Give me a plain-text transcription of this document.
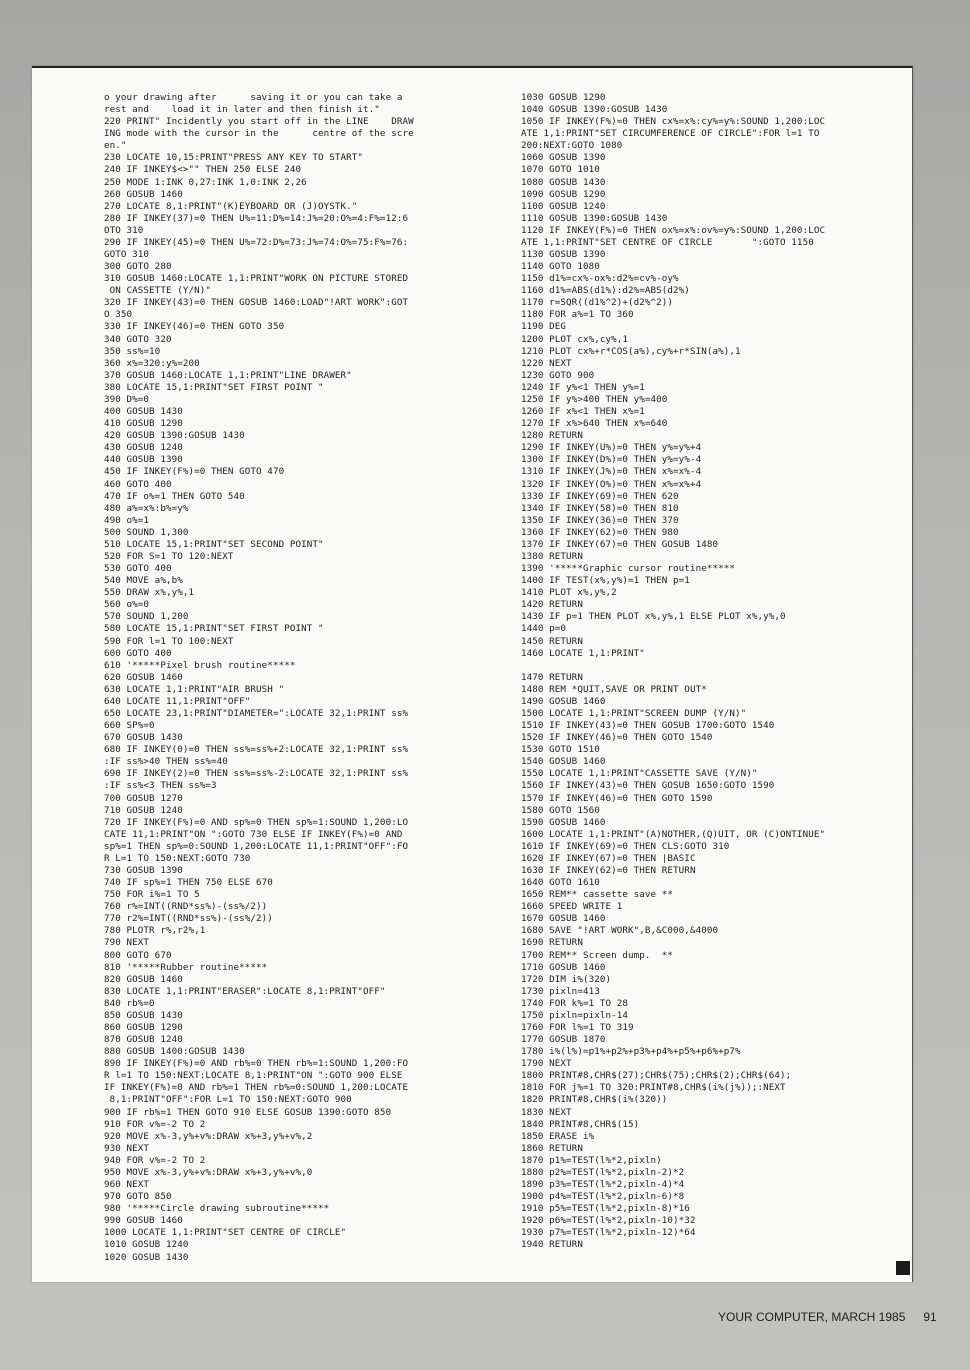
o your drawing after      saving it or you can take a
rest and    load it in later and then finish it."
220 PRINT" Incidently you start off in the LINE    DRAW
ING mode with the cursor in the      centre of the scre
en."
230 LOCATE 10,15:PRINT"PRESS ANY KEY TO START"
240 IF INKEY$<>"" THEN 250 ELSE 240
250 MODE 1:INK 0,27:INK 1,0:INK 2,26
260 GOSUB 1460
270 LOCATE 8,1:PRINT"(K)EYBOARD OR (J)OYSTK."
280 IF INKEY(37)=0 THEN U%=11:D%=14:J%=20:O%=4:F%=12:6
OTO 310
290 IF INKEY(45)=0 THEN U%=72:D%=73:J%=74:O%=75:F%=76:
GOTO 310
300 GOTO 280
310 GOSUB 1460:LOCATE 1,1:PRINT"WORK ON PICTURE STORED
ON CASSETTE (Y/N)"
320 IF INKEY(43)=0 THEN GOSUB 1460:LOAD"!ART WORK":GOT
O 350
330 IF INKEY(46)=0 THEN GOTO 350
340 GOTO 320
350 ss%=10
360 x%=320:y%=200
370 GOSUB 1460:LOCATE 1,1:PRINT"LINE DRAWER"
380 LOCATE 15,1:PRINT"SET FIRST POINT "
390 D%=0
400 GOSUB 1430
410 GOSUB 1290
420 GOSUB 1390:GOSUB 1430
430 GOSUB 1240
440 GOSUB 1390
450 IF INKEY(F%)=0 THEN GOTO 470
460 GOTO 400
470 IF o%=1 THEN GOTO 540
480 a%=x%:b%=y%
490 o%=1
500 SOUND 1,300
510 LOCATE 15,1:PRINT"SET SECOND POINT"
520 FOR S=1 TO 120:NEXT
530 GOTO 400
540 MOVE a%,b%
550 DRAW x%,y%,1
560 o%=0
570 SOUND 1,200
580 LOCATE 15,1:PRINT"SET FIRST POINT "
590 FOR l=1 TO 100:NEXT
600 GOTO 400
610 '*****Pixel brush routine*****
620 GOSUB 1460
630 LOCATE 1,1:PRINT"AIR BRUSH "
640 LOCATE 11,1:PRINT"OFF"
650 LOCATE 23,1:PRINT"DIAMETER=":LOCATE 32,1:PRINT ss%
660 SP%=0
670 GOSUB 1430
680 IF INKEY(0)=0 THEN ss%=ss%+2:LOCATE 32,1:PRINT ss%
:IF ss%>40 THEN ss%=40
690 IF INKEY(2)=0 THEN ss%=ss%-2:LOCATE 32,1:PRINT ss%
:IF ss%<3 THEN ss%=3
700 GOSUB 1270
710 GOSUB 1240
720 IF INKEY(F%)=0 AND sp%=0 THEN sp%=1:SOUND 1,200:LO
CATE 11,1:PRINT"ON ":GOTO 730 ELSE IF INKEY(F%)=0 AND
sp%=1 THEN sp%=0:SOUND 1,200:LOCATE 11,1:PRINT"OFF":FO
R L=1 TO 150:NEXT:GOTO 730
730 GOSUB 1390
740 IF sp%=1 THEN 750 ELSE 670
750 FOR i%=1 TO 5
760 r%=INT((RND*ss%)-(ss%/2))
770 r2%=INT((RND*ss%)-(ss%/2))
780 PLOTR r%,r2%,1
790 NEXT
800 GOTO 670
810 '*****Rubber routine*****
820 GOSUB 1460
830 LOCATE 1,1:PRINT"ERASER":LOCATE 8,1:PRINT"OFF"
840 rb%=0
850 GOSUB 1430
860 GOSUB 1290
870 GOSUB 1240
880 GOSUB 1400:GOSUB 1430
890 IF INKEY(F%)=0 AND rb%=0 THEN rb%=1:SOUND 1,200:FO
R l=1 TO 150:NEXT:LOCATE 8,1:PRINT"ON ":GOTO 900 ELSE
IF INKEY(F%)=0 AND rb%=1 THEN rb%=0:SOUND 1,200:LOCATE
8,1:PRINT"OFF":FOR L=1 TO 150:NEXT:GOTO 900
900 IF rb%=1 THEN GOTO 910 ELSE GOSUB 1390:GOTO 850
910 FOR v%=-2 TO 2
920 MOVE x%-3,y%+v%:DRAW x%+3,y%+v%,2
930 NEXT
940 FOR v%=-2 TO 2
950 MOVE x%-3,y%+v%:DRAW x%+3,y%+v%,0
960 NEXT
970 GOTO 850
980 '*****Circle drawing subroutine*****
990 GOSUB 1460
1000 LOCATE 1,1:PRINT"SET CENTRE OF CIRCLE"
1010 GOSUB 1240
1020 GOSUB 1430
1030 GOSUB 1290
1040 GOSUB 1390:GOSUB 1430
1050 IF INKEY(F%)=0 THEN cx%=x%:cy%=y%:SOUND 1,200:LOC
ATE 1,1:PRINT"SET CIRCUMFERENCE OF CIRCLE":FOR l=1 TO
200:NEXT:GOTO 1080
1060 GOSUB 1390
1070 GOTO 1010
1080 GOSUB 1430
1090 GOSUB 1290
1100 GOSUB 1240
1110 GOSUB 1390:GOSUB 1430
1120 IF INKEY(F%)=0 THEN ox%=x%:ov%=y%:SOUND 1,200:LOC
ATE 1,1:PRINT"SET CENTRE OF CIRCLE       ":GOTO 1150
1130 GOSUB 1390
1140 GOTO 1080
1150 d1%=cx%-ox%:d2%=cv%-oy%
1160 d1%=ABS(d1%):d2%=ABS(d2%)
1170 r=SQR((d1%^2)+(d2%^2))
1180 FOR a%=1 TO 360
1190 DEG
1200 PLOT cx%,cy%,1
1210 PLOT cx%+r*COS(a%),cy%+r*SIN(a%),1
1220 NEXT
1230 GOTO 900
1240 IF y%<1 THEN y%=1
1250 IF y%>400 THEN y%=400
1260 IF x%<1 THEN x%=1
1270 IF x%>640 THEN x%=640
1280 RETURN
1290 IF INKEY(U%)=0 THEN y%=y%+4
1300 IF INKEY(D%)=0 THEN y%=y%-4
1310 IF INKEY(J%)=0 THEN x%=x%-4
1320 IF INKEY(O%)=0 THEN x%=x%+4
1330 IF INKEY(69)=0 THEN 620
1340 IF INKEY(58)=0 THEN 810
1350 IF INKEY(36)=0 THEN 370
1360 IF INKEY(62)=0 THEN 980
1370 IF INKEY(67)=0 THEN GOSUB 1480
1380 RETURN
1390 '*****Graphic cursor routine*****
1400 IF TEST(x%,y%)=1 THEN p=1
1410 PLOT x%,y%,2
1420 RETURN
1430 IF p=1 THEN PLOT x%,y%,1 ELSE PLOT x%,y%,0
1440 p=0
1450 RETURN
1460 LOCATE 1,1:PRINT"
1470 RETURN
1480 REM *QUIT,SAVE OR PRINT OUT*
1490 GOSUB 1460
1500 LOCATE 1,1:PRINT"SCREEN DUMP (Y/N)"
1510 IF INKEY(43)=0 THEN GOSUB 1700:GOTO 1540
1520 IF INKEY(46)=0 THEN GOTO 1540
1530 GOTO 1510
1540 GOSUB 1460
1550 LOCATE 1,1:PRINT"CASSETTE SAVE (Y/N)"
1560 IF INKEY(43)=0 THEN GOSUB 1650:GOTO 1590
1570 IF INKEY(46)=0 THEN GOTO 1590
1580 GOTO 1560
1590 GOSUB 1460
1600 LOCATE 1,1:PRINT"(A)NOTHER,(Q)UIT, OR (C)ONTINUE"
1610 IF INKEY(69)=0 THEN CLS:GOTO 310
1620 IF INKEY(67)=0 THEN |BASIC
1630 IF INKEY(62)=0 THEN RETURN
1640 GOTO 1610
1650 REM** cassette save **
1660 SPEED WRITE 1
1670 GOSUB 1460
1680 SAVE "!ART WORK",B,&C000,&4000
1690 RETURN
1700 REM** Screen dump.  **
1710 GOSUB 1460
1720 DIM i%(320)
1730 pixln=413
1740 FOR k%=1 TO 28
1750 pixln=pixln-14
1760 FOR l%=1 TO 319
1770 GOSUB 1870
1780 i%(l%)=p1%+p2%+p3%+p4%+p5%+p6%+p7%
1790 NEXT
1800 PRINT#8,CHR$(27);CHR$(75);CHR$(2);CHR$(64);
1810 FOR j%=1 TO 320:PRINT#8,CHR$(i%(j%));:NEXT
1820 PRINT#8,CHR$(i%(320))
1830 NEXT
1840 PRINT#8,CHR$(15)
1850 ERASE i%
1860 RETURN
1870 p1%=TEST(l%*2,pixln)
1880 p2%=TEST(l%*2,pixln-2)*2
1890 p3%=TEST(l%*2,pixln-4)*4
1900 p4%=TEST(l%*2,pixln-6)*8
1910 p5%=TEST(l%*2,pixln-8)*16
1920 p6%=TEST(l%*2,pixln-10)*32
1930 p7%=TEST(l%*2,pixln-12)*64
1940 RETURN
YOUR COMPUTER, MARCH 1985 91
